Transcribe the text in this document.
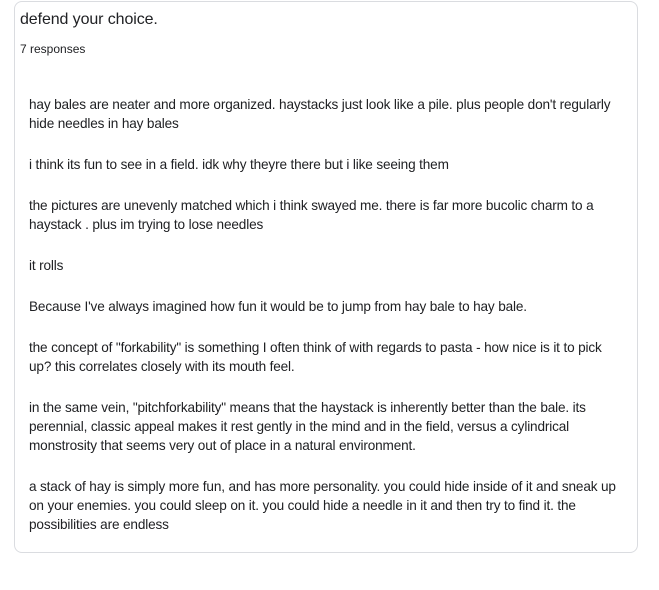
defend your choice.
7 responses
hay bales are neater and more organized. haystacks just look like a pile. plus people don't regularly hide needles in hay bales
i think its fun to see in a field. idk why theyre there but i like seeing them
the pictures are unevenly matched which i think swayed me. there is far more bucolic charm to a haystack . plus im trying to lose needles
it rolls
Because I've always imagined how fun it would be to jump from hay bale to hay bale.
the concept of "forkability" is something I often think of with regards to pasta - how nice is it to pick up? this correlates closely with its mouth feel.
in the same vein, "pitchforkability" means that the haystack is inherently better than the bale. its perennial, classic appeal makes it rest gently in the mind and in the field, versus a cylindrical monstrosity that seems very out of place in a natural environment.
a stack of hay is simply more fun, and has more personality. you could hide inside of it and sneak up on your enemies. you could sleep on it. you could hide a needle in it and then try to find it. the possibilities are endless
